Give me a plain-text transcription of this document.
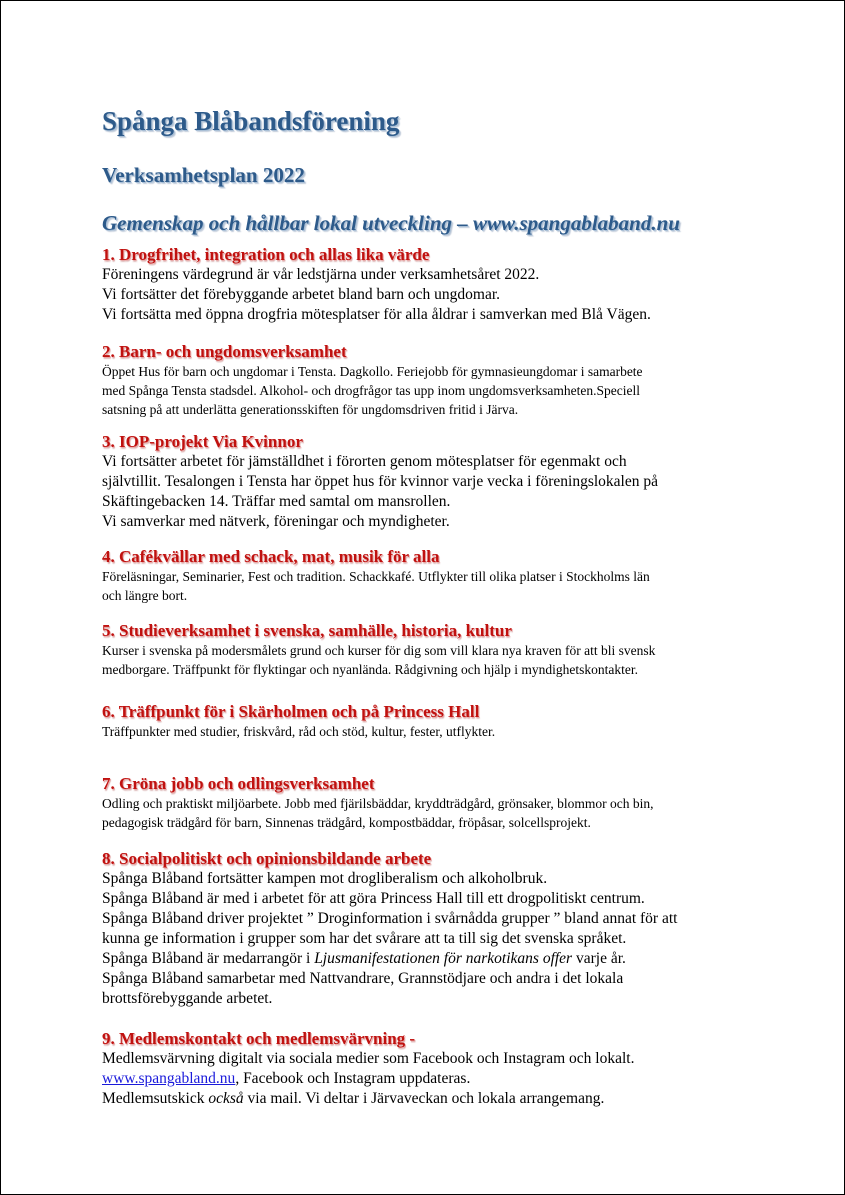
Spånga Blåbandsförening
Verksamhetsplan 2022
Gemenskap och hållbar lokal utveckling – www.spangablaband.nu
1. Drogfrihet, integration och allas lika värde
Föreningens värdegrund är vår ledstjärna under verksamhetsåret 2022.
Vi fortsätter det förebyggande arbetet bland barn och ungdomar.
Vi fortsätta med öppna drogfria mötesplatser för alla åldrar i samverkan med Blå Vägen.
2. Barn- och ungdomsverksamhet
Öppet Hus för barn och ungdomar i Tensta. Dagkollo. Feriejobb för gymnasieungdomar i samarbete
med Spånga Tensta stadsdel. Alkohol- och drogfrågor tas upp inom ungdomsverksamheten.Speciell
satsning på att underlätta generationsskiften för ungdomsdriven fritid i Järva.
3. IOP-projekt Via Kvinnor
Vi fortsätter arbetet för jämställdhet i förorten genom mötesplatser för egenmakt och
självtillit. Tesalongen i Tensta har öppet hus för kvinnor varje vecka i föreningslokalen på
Skäftingebacken 14. Träffar med samtal om mansrollen.
Vi samverkar med nätverk, föreningar och myndigheter.
4. Cafékvällar med schack, mat, musik för alla
Föreläsningar, Seminarier, Fest och tradition. Schackkafé. Utflykter till olika platser i Stockholms län
och längre bort.
5. Studieverksamhet i svenska, samhälle, historia, kultur
Kurser i svenska på modersmålets grund och kurser för dig som vill klara nya kraven för att bli svensk
medborgare. Träffpunkt för flyktingar och nyanlända. Rådgivning och hjälp i myndighetskontakter.
6. Träffpunkt för i Skärholmen och på Princess Hall
Träffpunkter med studier, friskvård, råd och stöd, kultur, fester, utflykter.
7. Gröna jobb och odlingsverksamhet
Odling och praktiskt miljöarbete. Jobb med fjärilsbäddar, kryddträdgård, grönsaker, blommor och bin,
pedagogisk trädgård för barn, Sinnenas trädgård, kompostbäddar, fröpåsar, solcellsprojekt.
8. Socialpolitiskt och opinionsbildande arbete
Spånga Blåband fortsätter kampen mot drogliberalism och alkoholbruk.
Spånga Blåband är med i arbetet för att göra Princess Hall till ett drogpolitiskt centrum.
Spånga Blåband driver projektet ” Droginformation i svårnådda grupper ” bland annat för att
kunna ge information i grupper som har det svårare att ta till sig det svenska språket.
Spånga Blåband är medarrangör i Ljusmanifestationen för narkotikans offer varje år.
Spånga Blåband samarbetar med Nattvandrare, Grannstödjare och andra i det lokala
brottsförebyggande arbetet.
9. Medlemskontakt och medlemsvärvning -
Medlemsvärvning digitalt via sociala medier som Facebook och Instagram och lokalt.
www.spangabland.nu, Facebook och Instagram uppdateras.
Medlemsutskick också via mail. Vi deltar i Järvaveckan och lokala arrangemang.
